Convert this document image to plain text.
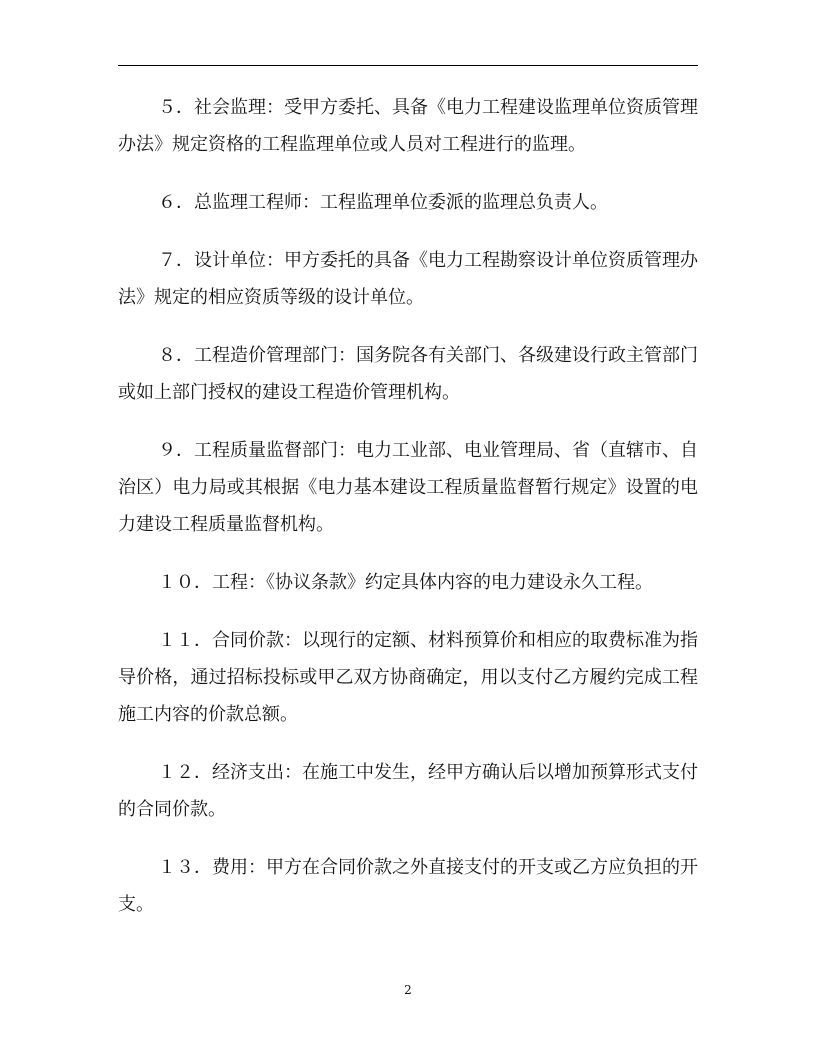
５．社会监理：受甲方委托、具备《电力工程建设监理单位资质管理办法》规定资格的工程监理单位或人员对工程进行的监理。

６．总监理工程师：工程监理单位委派的监理总负责人。

７．设计单位：甲方委托的具备《电力工程勘察设计单位资质管理办法》规定的相应资质等级的设计单位。

８．工程造价管理部门：国务院各有关部门、各级建设行政主管部门或如上部门授权的建设工程造价管理机构。

９．工程质量监督部门：电力工业部、电业管理局、省（直辖市、自治区）电力局或其根据《电力基本建设工程质量监督暂行规定》设置的电力建设工程质量监督机构。

１０．工程：《协议条款》约定具体内容的电力建设永久工程。

１１．合同价款：以现行的定额、材料预算价和相应的取费标准为指导价格，通过招标投标或甲乙双方协商确定，用以支付乙方履约完成工程施工内容的价款总额。

１２．经济支出：在施工中发生，经甲方确认后以增加预算形式支付的合同价款。

１３．费用：甲方在合同价款之外直接支付的开支或乙方应负担的开支。

2
